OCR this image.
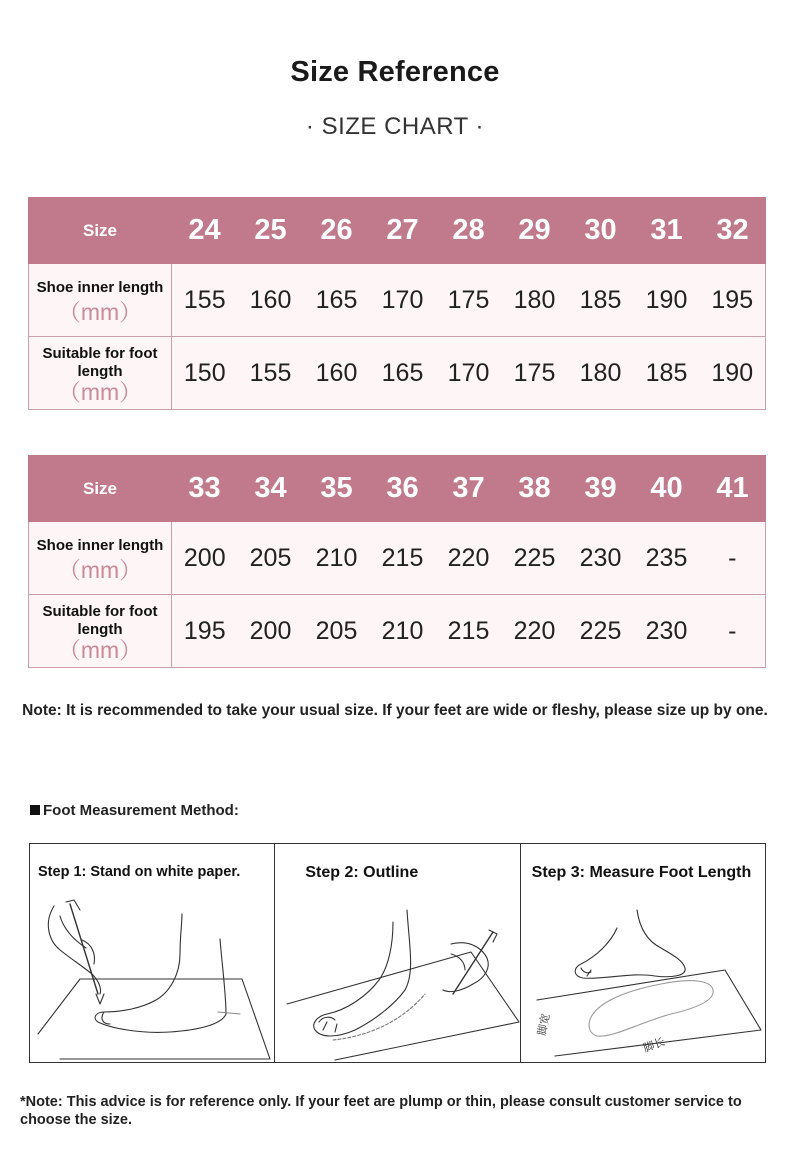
Size Reference
· SIZE CHART ·
Size	24	25	26	27	28	29	30	31	32

Shoe inner length
（mm）	155	160	165	170	175	180	185	190	195

Suitable for foot length
（mm）	150	155	160	165	170	175	180	185	190
Size	33	34	35	36	37	38	39	40	41

Shoe inner length
（mm）	200	205	210	215	220	225	230	235	-

Suitable for foot length
（mm）	195	200	205	210	215	220	225	230	-
Note: It is recommended to take your usual size. If your feet are wide or fleshy, please size up by one.
Foot Measurement Method:
Step 1: Stand on white paper.	Step 2: Outline	Step 3: Measure Foot Length
脚宽
脚长
*Note: This advice is for reference only. If your feet are plump or thin, please consult customer service to choose the size.
